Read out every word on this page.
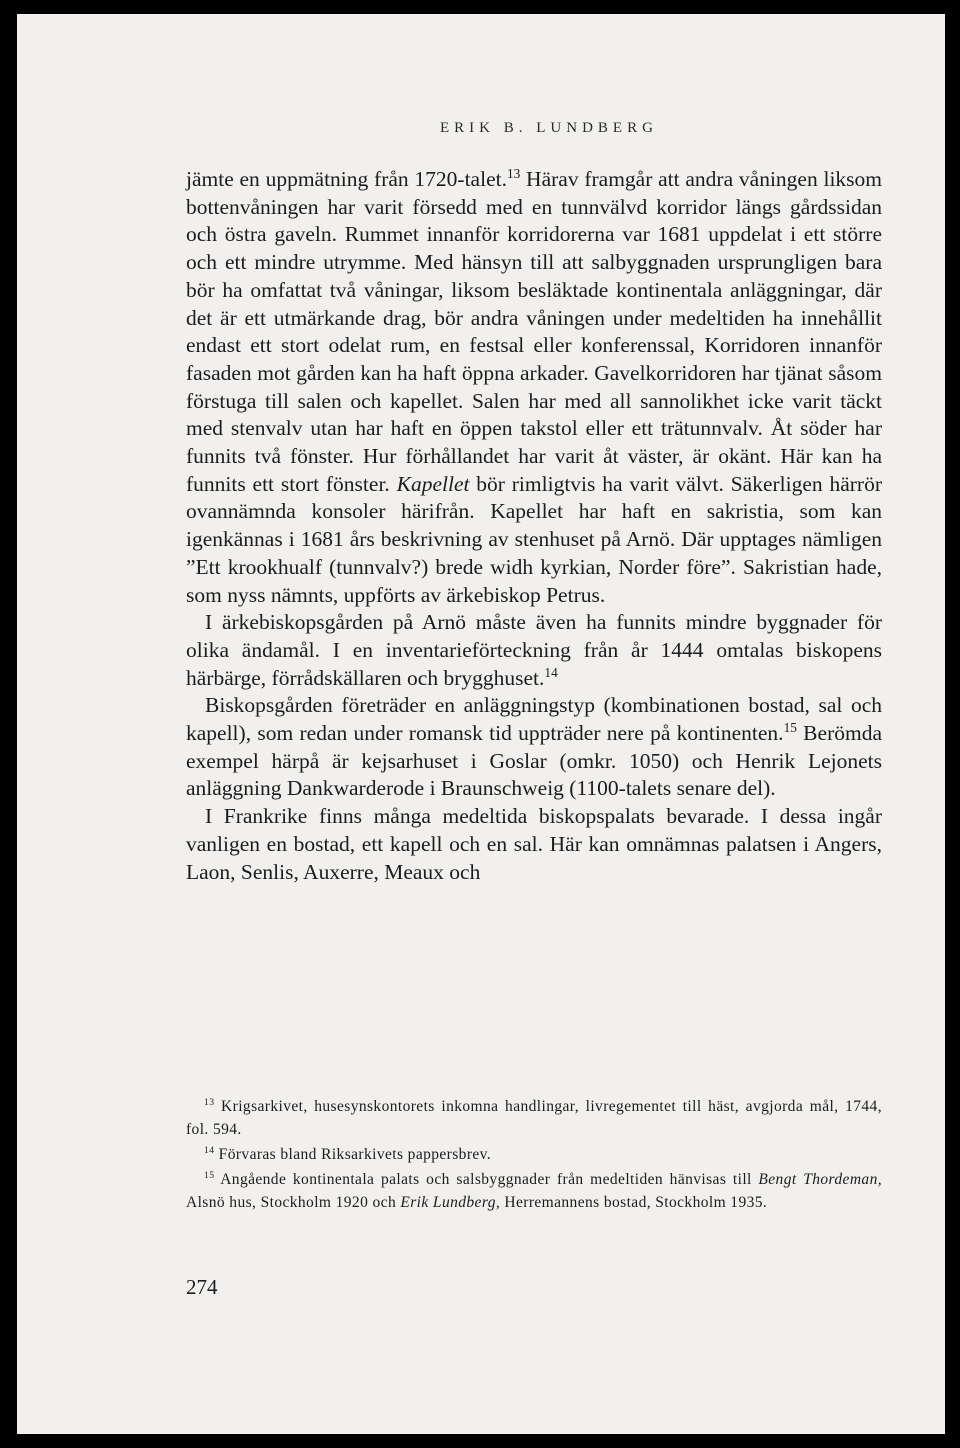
ERIK B. LUNDBERG

jämte en uppmätning från 1720-talet.$^{13}$ Härav framgår att andra våningen liksom bottenvåningen har varit försedd med en tunnvälvd korridor längs gårdssidan och östra gaveln. Rummet innanför korridorerna var 1681 uppdelat i ett större och ett mindre utrymme. Med hänsyn till att salbyggnaden ursprungligen bara bör ha omfattat två våningar, liksom besläktade kontinentala anläggningar, där det är ett utmärkande drag, bör andra våningen under medeltiden ha innehållit endast ett stort odelat rum, en festsal eller konferenssal, Korridoren innanför fasaden mot gården kan ha haft öppna arkader. Gavelkorridoren har tjänat såsom förstuga till salen och kapellet. Salen har med all sannolikhet icke varit täckt med stenvalv utan har haft en öppen takstol eller ett trätunnvalv. Åt söder har funnits två fönster. Hur förhållandet har varit åt väster, är okänt. Här kan ha funnits ett stort fönster. Kapellet bör rimligtvis ha varit välvt. Säkerligen härrör ovannämnda konsoler härifrån. Kapellet har haft en sakristia, som kan igenkännas i 1681 års beskrivning av stenhuset på Arnö. Där upptages nämligen ”Ett krookhualf (tunnvalv?) brede widh kyrkian, Norder före”. Sakristian hade, som nyss nämnts, uppförts av ärkebiskop Petrus.

I ärkebiskopsgården på Arnö måste även ha funnits mindre byggnader för olika ändamål. I en inventarieförteckning från år 1444 omtalas biskopens härbärge, förrådskällaren och brygghuset.$^{14}$

Biskopsgården företräder en anläggningstyp (kombinationen bostad, sal och kapell), som redan under romansk tid uppträder nere på kontinenten.$^{15}$ Berömda exempel härpå är kejsarhuset i Goslar (omkr. 1050) och Henrik Lejonets anläggning Dankwarderode i Braunschweig (1100-talets senare del).

I Frankrike finns många medeltida biskopspalats bevarade. I dessa ingår vanligen en bostad, ett kapell och en sal. Här kan omnämnas palatsen i Angers, Laon, Senlis, Auxerre, Meaux och

$^{13}$ Krigsarkivet, husesynskontorets inkomna handlingar, livregementet till häst, avgjorda mål, 1744, fol. 594.

$^{14}$ Förvaras bland Riksarkivets pappersbrev.

$^{15}$ Angående kontinentala palats och salsbyggnader från medeltiden hänvisas till Bengt Thordeman, Alsnö hus, Stockholm 1920 och Erik Lundberg, Herremannens bostad, Stockholm 1935.

274
